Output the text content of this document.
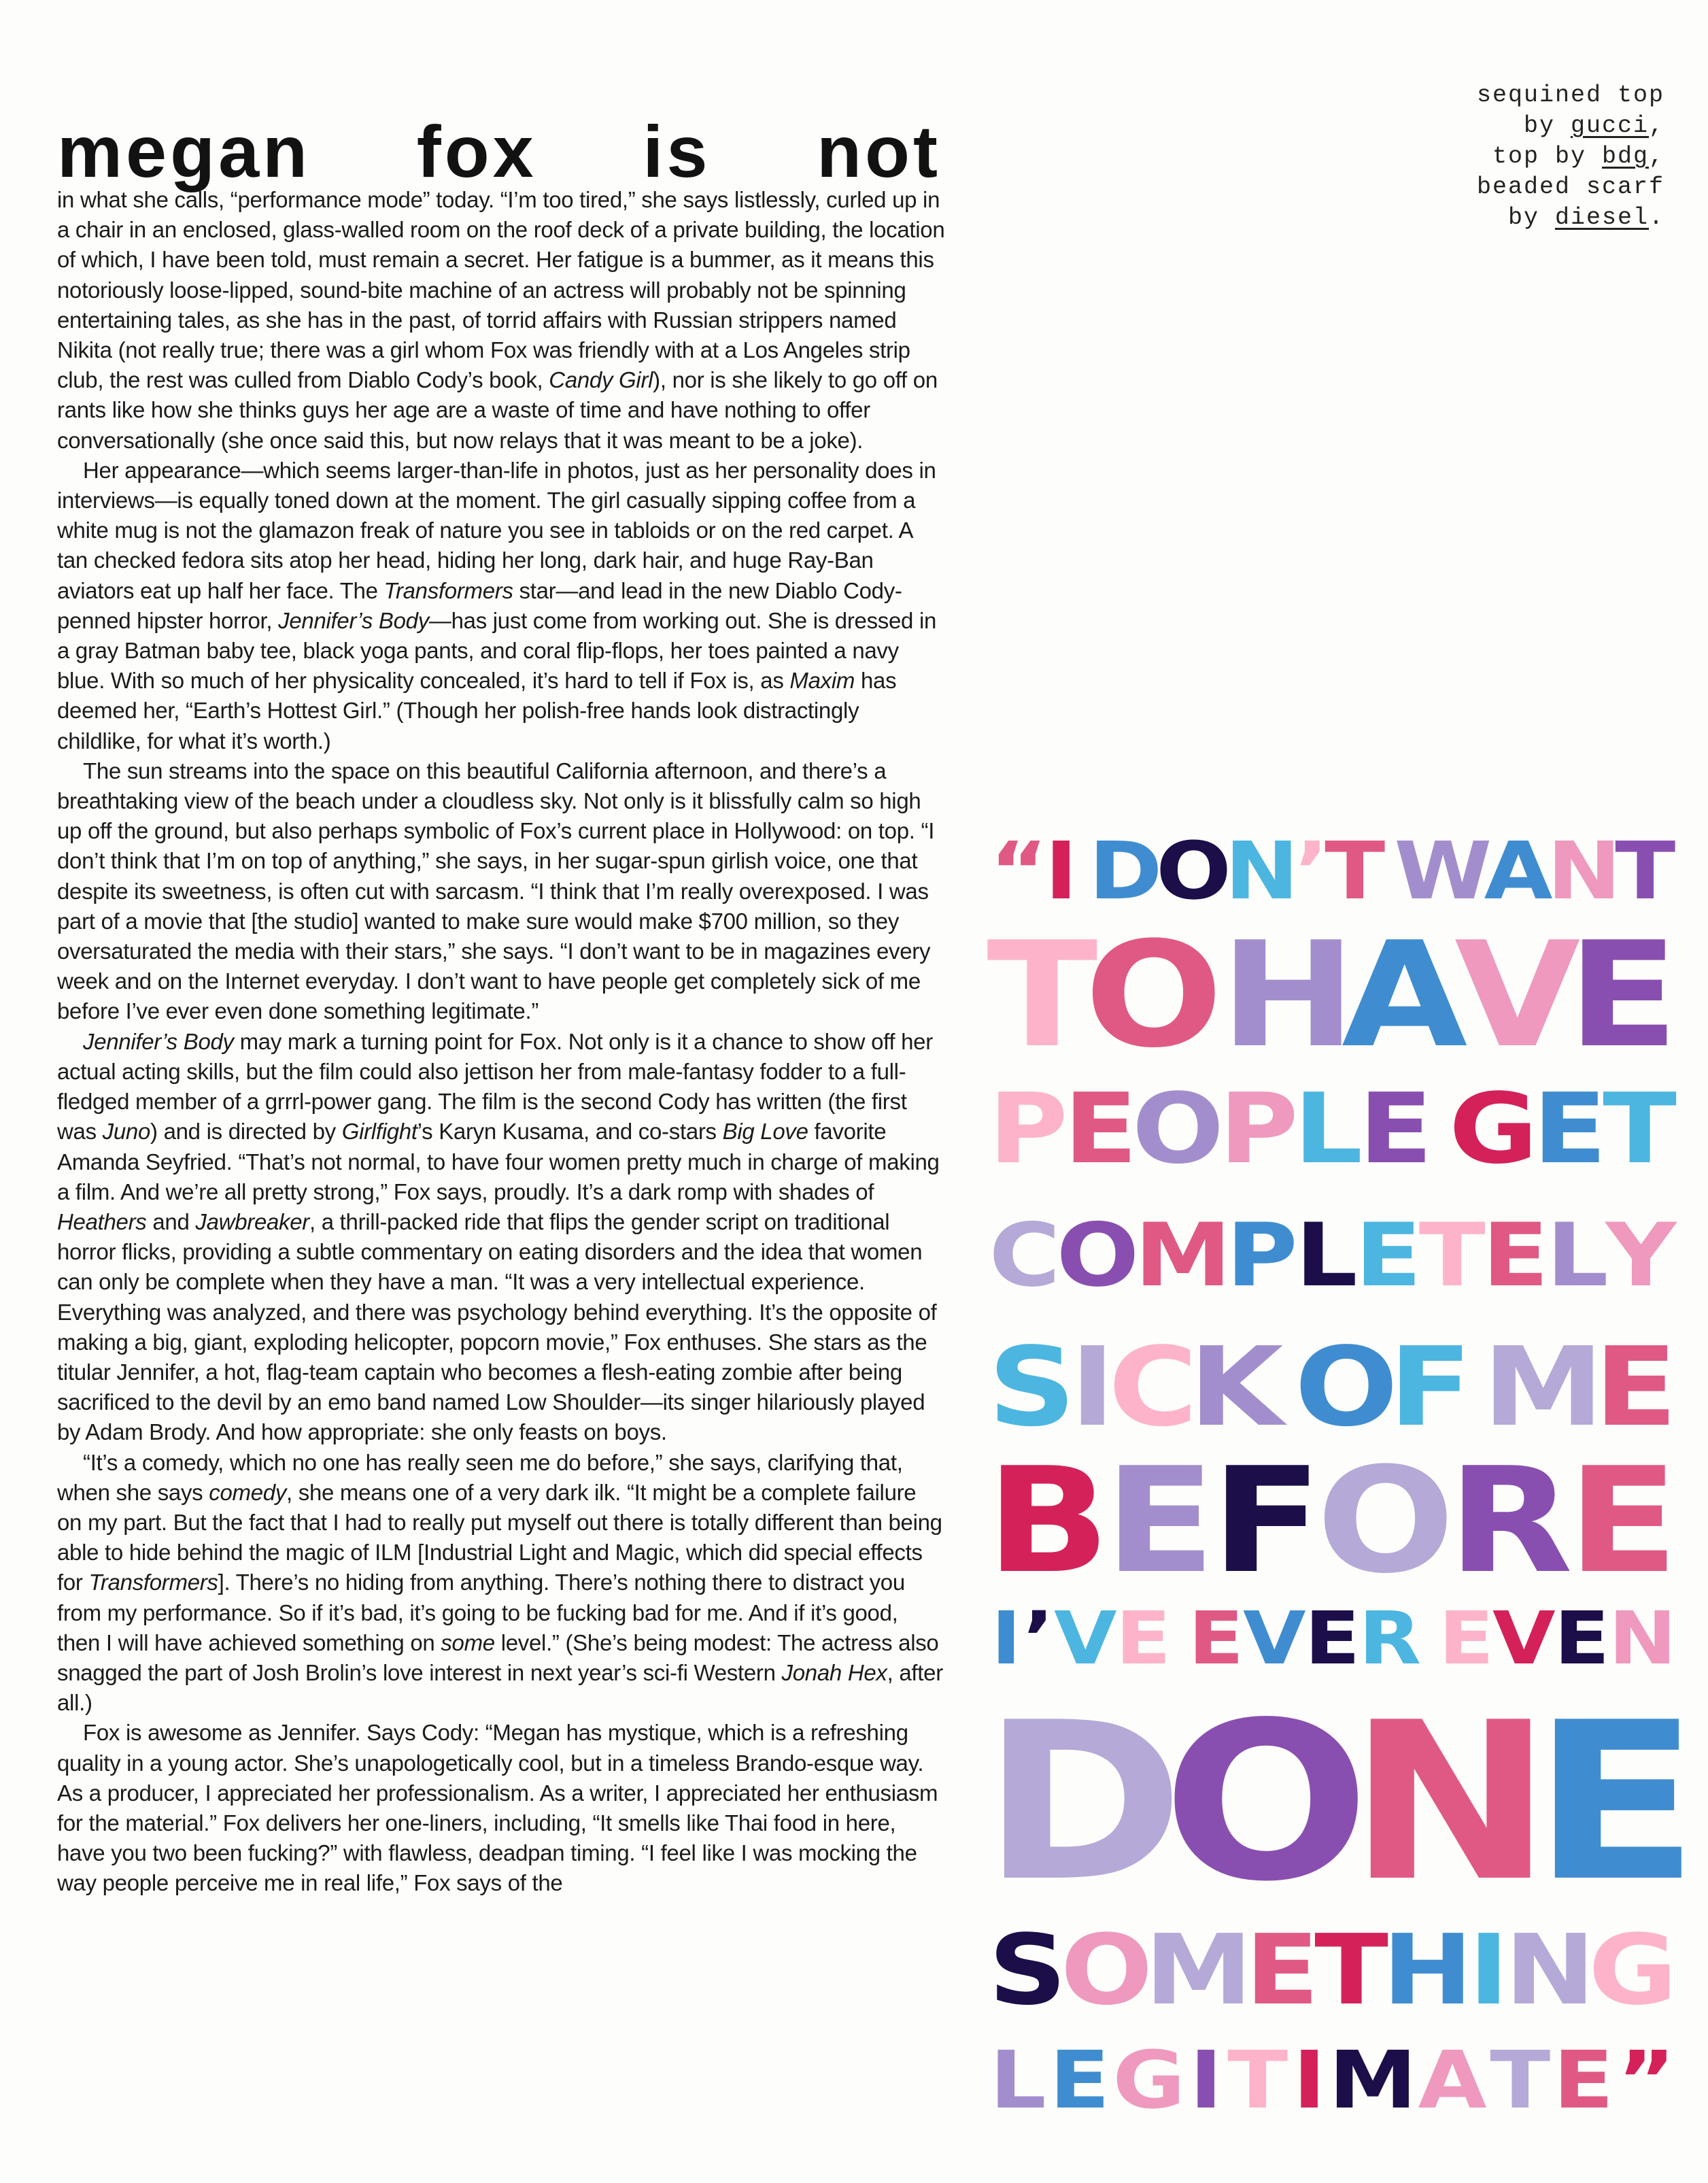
sequined top
by gucci,
top by bdg,
beaded scarf
by diesel.
megan fox is not

in what she calls, “performance mode” today. “I’m too tired,” she says listlessly, curled up in a chair in an enclosed, glass-walled room on the roof deck of a private building, the location of which, I have been told, must remain a secret. Her fatigue is a bummer, as it means this notoriously loose-lipped, sound-bite machine of an actress will probably not be spinning entertaining tales, as she has in the past, of torrid affairs with Russian strippers named Nikita (not really true; there was a girl whom Fox was friendly with at a Los Angeles strip club, the rest was culled from Diablo Cody’s book, Candy Girl), nor is she likely to go off on rants like how she thinks guys her age are a waste of time and have nothing to offer conversationally (she once said this, but now relays that it was meant to be a joke).

Her appearance—which seems larger-than-life in photos, just as her personality does in interviews—is equally toned down at the moment. The girl casually sipping coffee from a white mug is not the glamazon freak of nature you see in tabloids or on the red carpet. A tan checked fedora sits atop her head, hiding her long, dark hair, and huge Ray-Ban aviators eat up half her face. The Transformers star—and lead in the new Diablo Cody-penned hipster horror, Jennifer’s Body—has just come from working out. She is dressed in a gray Batman baby tee, black yoga pants, and coral flip-flops, her toes painted a navy blue. With so much of her physicality concealed, it’s hard to tell if Fox is, as Maxim has deemed her, “Earth’s Hottest Girl.” (Though her polish-free hands look distractingly childlike, for what it’s worth.)

The sun streams into the space on this beautiful California afternoon, and there’s a breathtaking view of the beach under a cloudless sky. Not only is it blissfully calm so high up off the ground, but also perhaps symbolic of Fox’s current place in Hollywood: on top. “I don’t think that I’m on top of anything,” she says, in her sugar-spun girlish voice, one that despite its sweetness, is often cut with sarcasm. “I think that I’m really overexposed. I was part of a movie that [the studio] wanted to make sure would make $700 million, so they oversaturated the media with their stars,” she says. “I don’t want to be in magazines every week and on the Internet everyday. I don’t want to have people get completely sick of me before I’ve ever even done something legitimate.”

Jennifer’s Body may mark a turning point for Fox. Not only is it a chance to show off her actual acting skills, but the film could also jettison her from male-fantasy fodder to a full-fledged member of a grrrl-power gang. The film is the second Cody has written (the first was Juno) and is directed by Girlfight’s Karyn Kusama, and co-stars Big Love favorite Amanda Seyfried. “That’s not normal, to have four women pretty much in charge of making a film. And we’re all pretty strong,” Fox says, proudly. It’s a dark romp with shades of Heathers and Jawbreaker, a thrill-packed ride that flips the gender script on traditional horror flicks, providing a subtle commentary on eating disorders and the idea that women can only be complete when they have a man. “It was a very intellectual experience. Everything was analyzed, and there was psychology behind everything. It’s the opposite of making a big, giant, exploding helicopter, popcorn movie,” Fox enthuses. She stars as the titular Jennifer, a hot, flag-team captain who becomes a flesh-eating zombie after being sacrificed to the devil by an emo band named Low Shoulder—its singer hilariously played by Adam Brody. And how appropriate: she only feasts on boys.

“It’s a comedy, which no one has really seen me do before,” she says, clarifying that, when she says comedy, she means one of a very dark ilk. “It might be a complete failure on my part. But the fact that I had to really put myself out there is totally different than being able to hide behind the magic of ILM [Industrial Light and Magic, which did special effects for Transformers]. There’s no hiding from anything. There’s nothing there to distract you from my performance. So if it’s bad, it’s going to be fucking bad for me. And if it’s good, then I will have achieved something on some level.” (She’s being modest: The actress also snagged the part of Josh Brolin’s love interest in next year’s sci-fi Western Jonah Hex, after all.)

Fox is awesome as Jennifer. Says Cody: “Megan has mystique, which is a refreshing quality in a young actor. She’s unapologetically cool, but in a timeless Brando-esque way. As a producer, I appreciated her professionalism. As a writer, I appreciated her enthusiasm for the material.” Fox delivers her one-liners, including, “It smells like Thai food in here, have you two been fucking?” with flawless, deadpan timing. “I feel like I was mocking the way people perceive me in real life,” Fox says of the

“
I D
O
N
’
T W
A
N
T
T
O
H
A
V
E
P
E
O
P
L
E G
E
T
C
O
M
P
L
E
T
E
L
Y
S
I
C
K O
F M
E
B
E
F
O
R
E
I ’ V
E E
V
E
R E
V
E
N
D
O
N
E
S
O
M
E
T
H
I
N
G
L E G I T I M A T E ”
